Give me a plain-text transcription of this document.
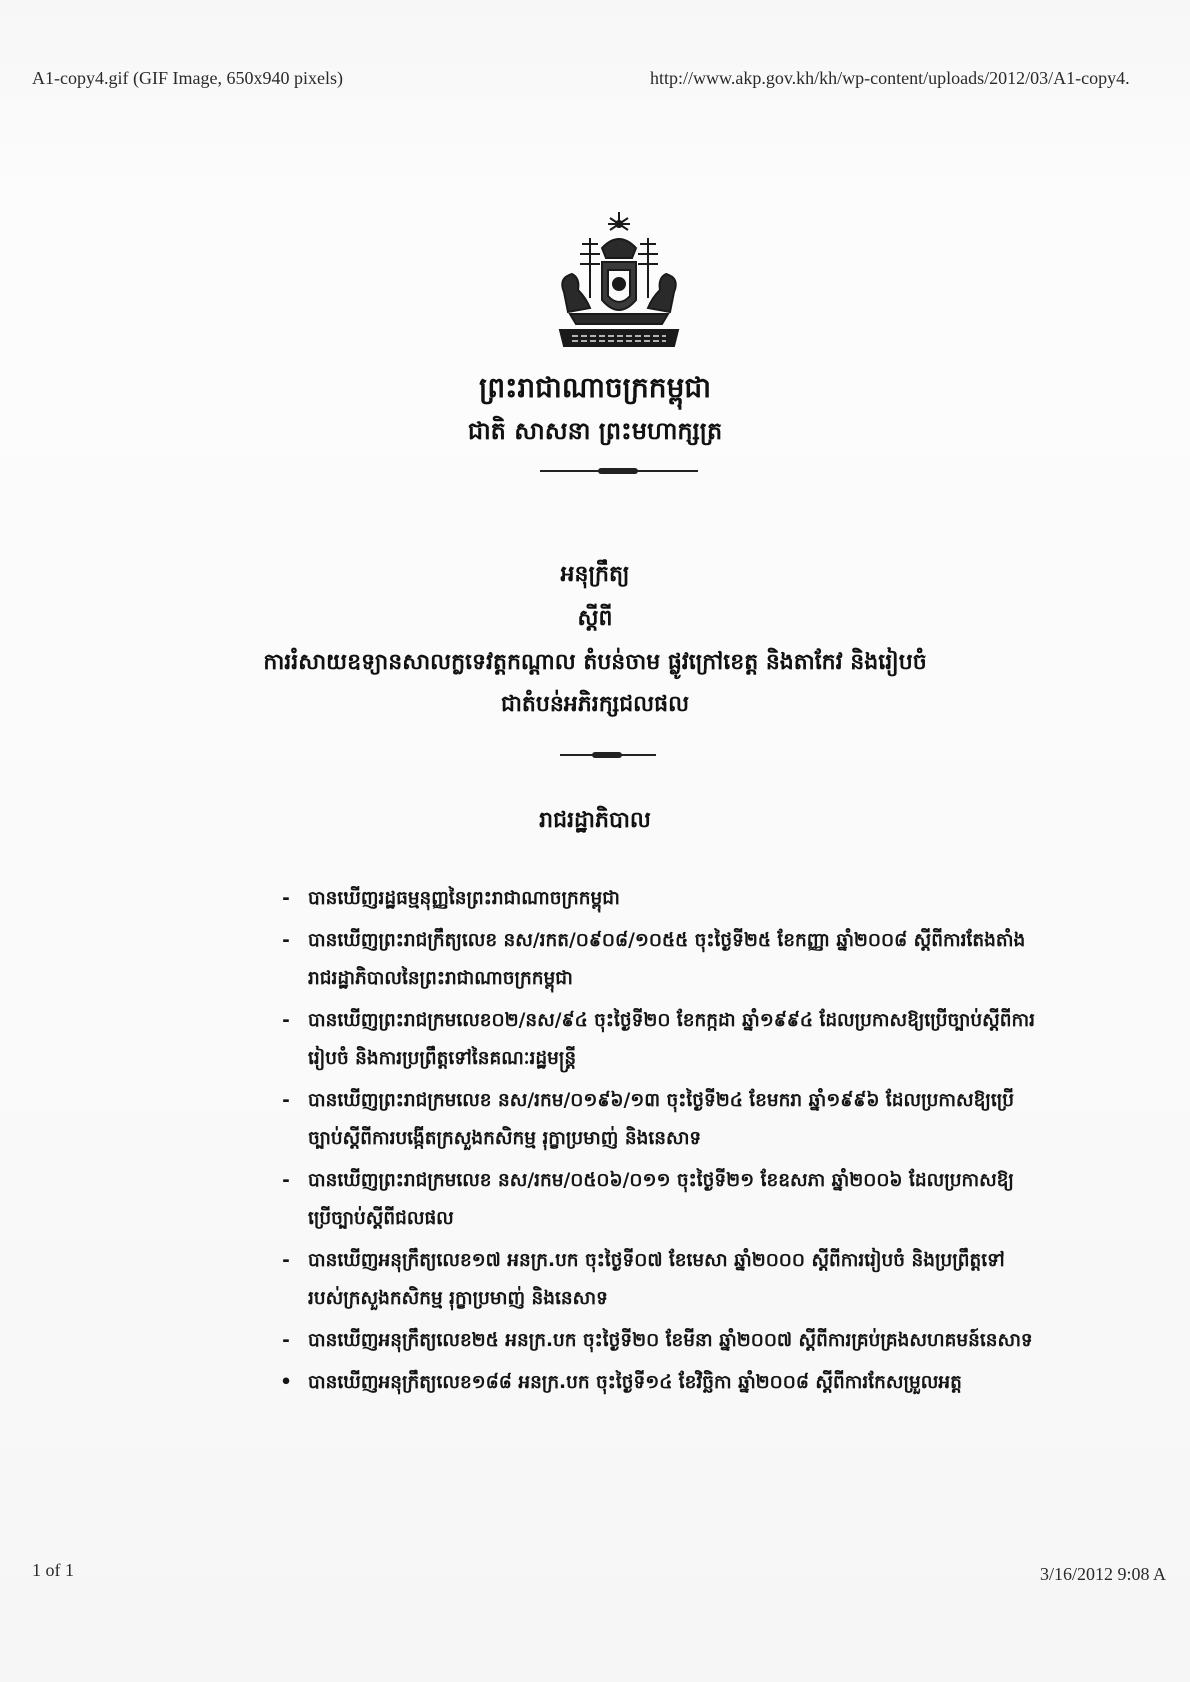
A1-copy4.gif (GIF Image, 650x940 pixels)	http://www.akp.gov.kh/kh/wp-content/uploads/2012/03/A1-copy4.
ព្រះរាជាណាចក្រកម្ពុជា
ជាតិ សាសនា ព្រះមហាក្សត្រ
អនុក្រឹត្យ
ស្តីពី
ការរំសាយឧទ្យានសាលក្លទេវត្តកណ្តាល តំបន់ចាម ផ្លូវក្រៅខេត្ត និងតាកែវ និងរៀបចំ
ជាតំបន់អភិរក្សជលផល
រាជរដ្ឋាភិបាល
- បានឃើញរដ្ឋធម្មនុញ្ញនៃព្រះរាជាណាចក្រកម្ពុជា
- បានឃើញព្រះរាជក្រឹត្យលេខ នស/រកត/០៩០៨/១០៥៥ ចុះថ្ងៃទី២៥ ខែកញ្ញា ឆ្នាំ២០០៨ ស្តីពីការតែងតាំងរាជរដ្ឋាភិបាលនៃព្រះរាជាណាចក្រកម្ពុជា
- បានឃើញព្រះរាជក្រមលេខ០២/នស/៩៤ ចុះថ្ងៃទី២០ ខែកក្កដា ឆ្នាំ១៩៩៤ ដែលប្រកាសឱ្យប្រើច្បាប់ស្តីពីការរៀបចំ និងការប្រព្រឹត្តទៅនៃគណៈរដ្ឋមន្ត្រី
- បានឃើញព្រះរាជក្រមលេខ នស/រកម/០១៩៦/១៣ ចុះថ្ងៃទី២៤ ខែមករា ឆ្នាំ១៩៩៦ ដែលប្រកាសឱ្យប្រើច្បាប់ស្តីពីការបង្កើតក្រសួងកសិកម្ម រុក្ខាប្រមាញ់ និងនេសាទ
- បានឃើញព្រះរាជក្រមលេខ នស/រកម/០៥០៦/០១១ ចុះថ្ងៃទី២១ ខែឧសភា ឆ្នាំ២០០៦ ដែលប្រកាសឱ្យប្រើច្បាប់ស្តីពីជលផល
- បានឃើញអនុក្រឹត្យលេខ១៧ អនក្រ.បក ចុះថ្ងៃទី០៧ ខែមេសា ឆ្នាំ២០០០ ស្តីពីការរៀបចំ និងប្រព្រឹត្តទៅរបស់ក្រសួងកសិកម្ម រុក្ខាប្រមាញ់ និងនេសាទ
- បានឃើញអនុក្រឹត្យលេខ២៥ អនក្រ.បក ចុះថ្ងៃទី២០ ខែមីនា ឆ្នាំ២០០៧ ស្តីពីការគ្រប់គ្រងសហគមន៍នេសាទ
• បានឃើញអនុក្រឹត្យលេខ១៨៨ អនក្រ.បក ចុះថ្ងៃទី១៤ ខែវិច្ឆិកា ឆ្នាំ២០០៨ ស្តីពីការកែសម្រួលអត្ត
1 of 1	3/16/2012 9:08 A
